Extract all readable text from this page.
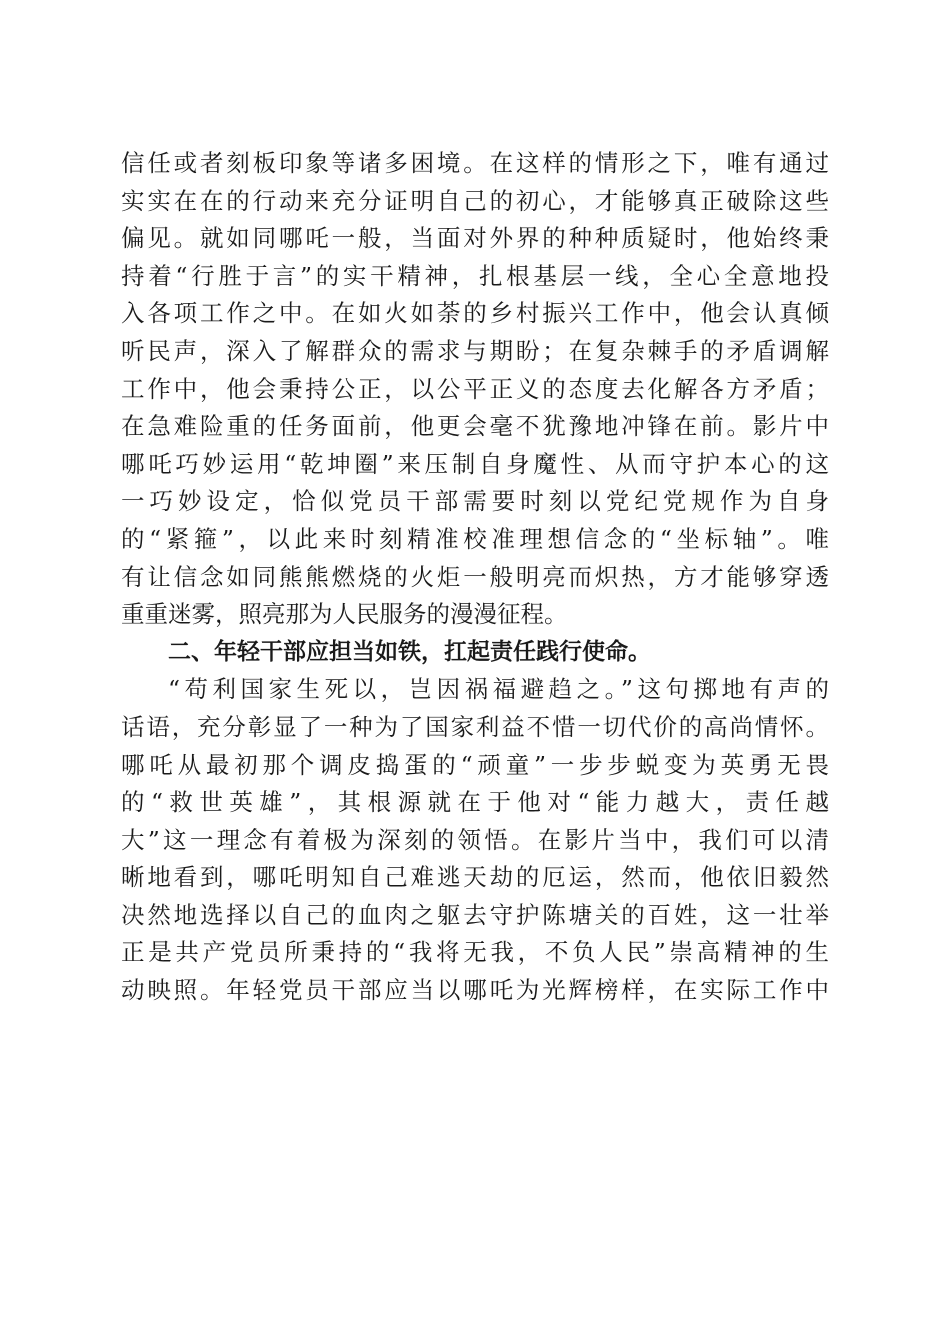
信任或者刻板印象等诸多困境。在这样的情形之下，唯有通过
实实在在的行动来充分证明自己的初心，才能够真正破除这些
偏见。就如同哪吒一般，当面对外界的种种质疑时，他始终秉
持着“行胜于言”的实干精神，扎根基层一线，全心全意地投
入各项工作之中。在如火如荼的乡村振兴工作中，他会认真倾
听民声，深入了解群众的需求与期盼；在复杂棘手的矛盾调解
工作中，他会秉持公正，以公平正义的态度去化解各方矛盾；
在急难险重的任务面前，他更会毫不犹豫地冲锋在前。影片中
哪吒巧妙运用“乾坤圈”来压制自身魔性、从而守护本心的这
一巧妙设定，恰似党员干部需要时刻以党纪党规作为自身
的“紧箍”，以此来时刻精准校准理想信念的“坐标轴”。唯
有让信念如同熊熊燃烧的火炬一般明亮而炽热，方才能够穿透
重重迷雾，照亮那为人民服务的漫漫征程。
二、年轻干部应担当如铁，扛起责任践行使命。
“苟利国家生死以，岂因祸福避趋之。”这句掷地有声的
话语，充分彰显了一种为了国家利益不惜一切代价的高尚情怀。
哪吒从最初那个调皮捣蛋的“顽童”一步步蜕变为英勇无畏
的“救世英雄”，其根源就在于他对“能力越大，责任越
大”这一理念有着极为深刻的领悟。在影片当中，我们可以清
晰地看到，哪吒明知自己难逃天劫的厄运，然而，他依旧毅然
决然地选择以自己的血肉之躯去守护陈塘关的百姓，这一壮举
正是共产党员所秉持的“我将无我，不负人民”崇高精神的生
动映照。年轻党员干部应当以哪吒为光辉榜样，在实际工作中
